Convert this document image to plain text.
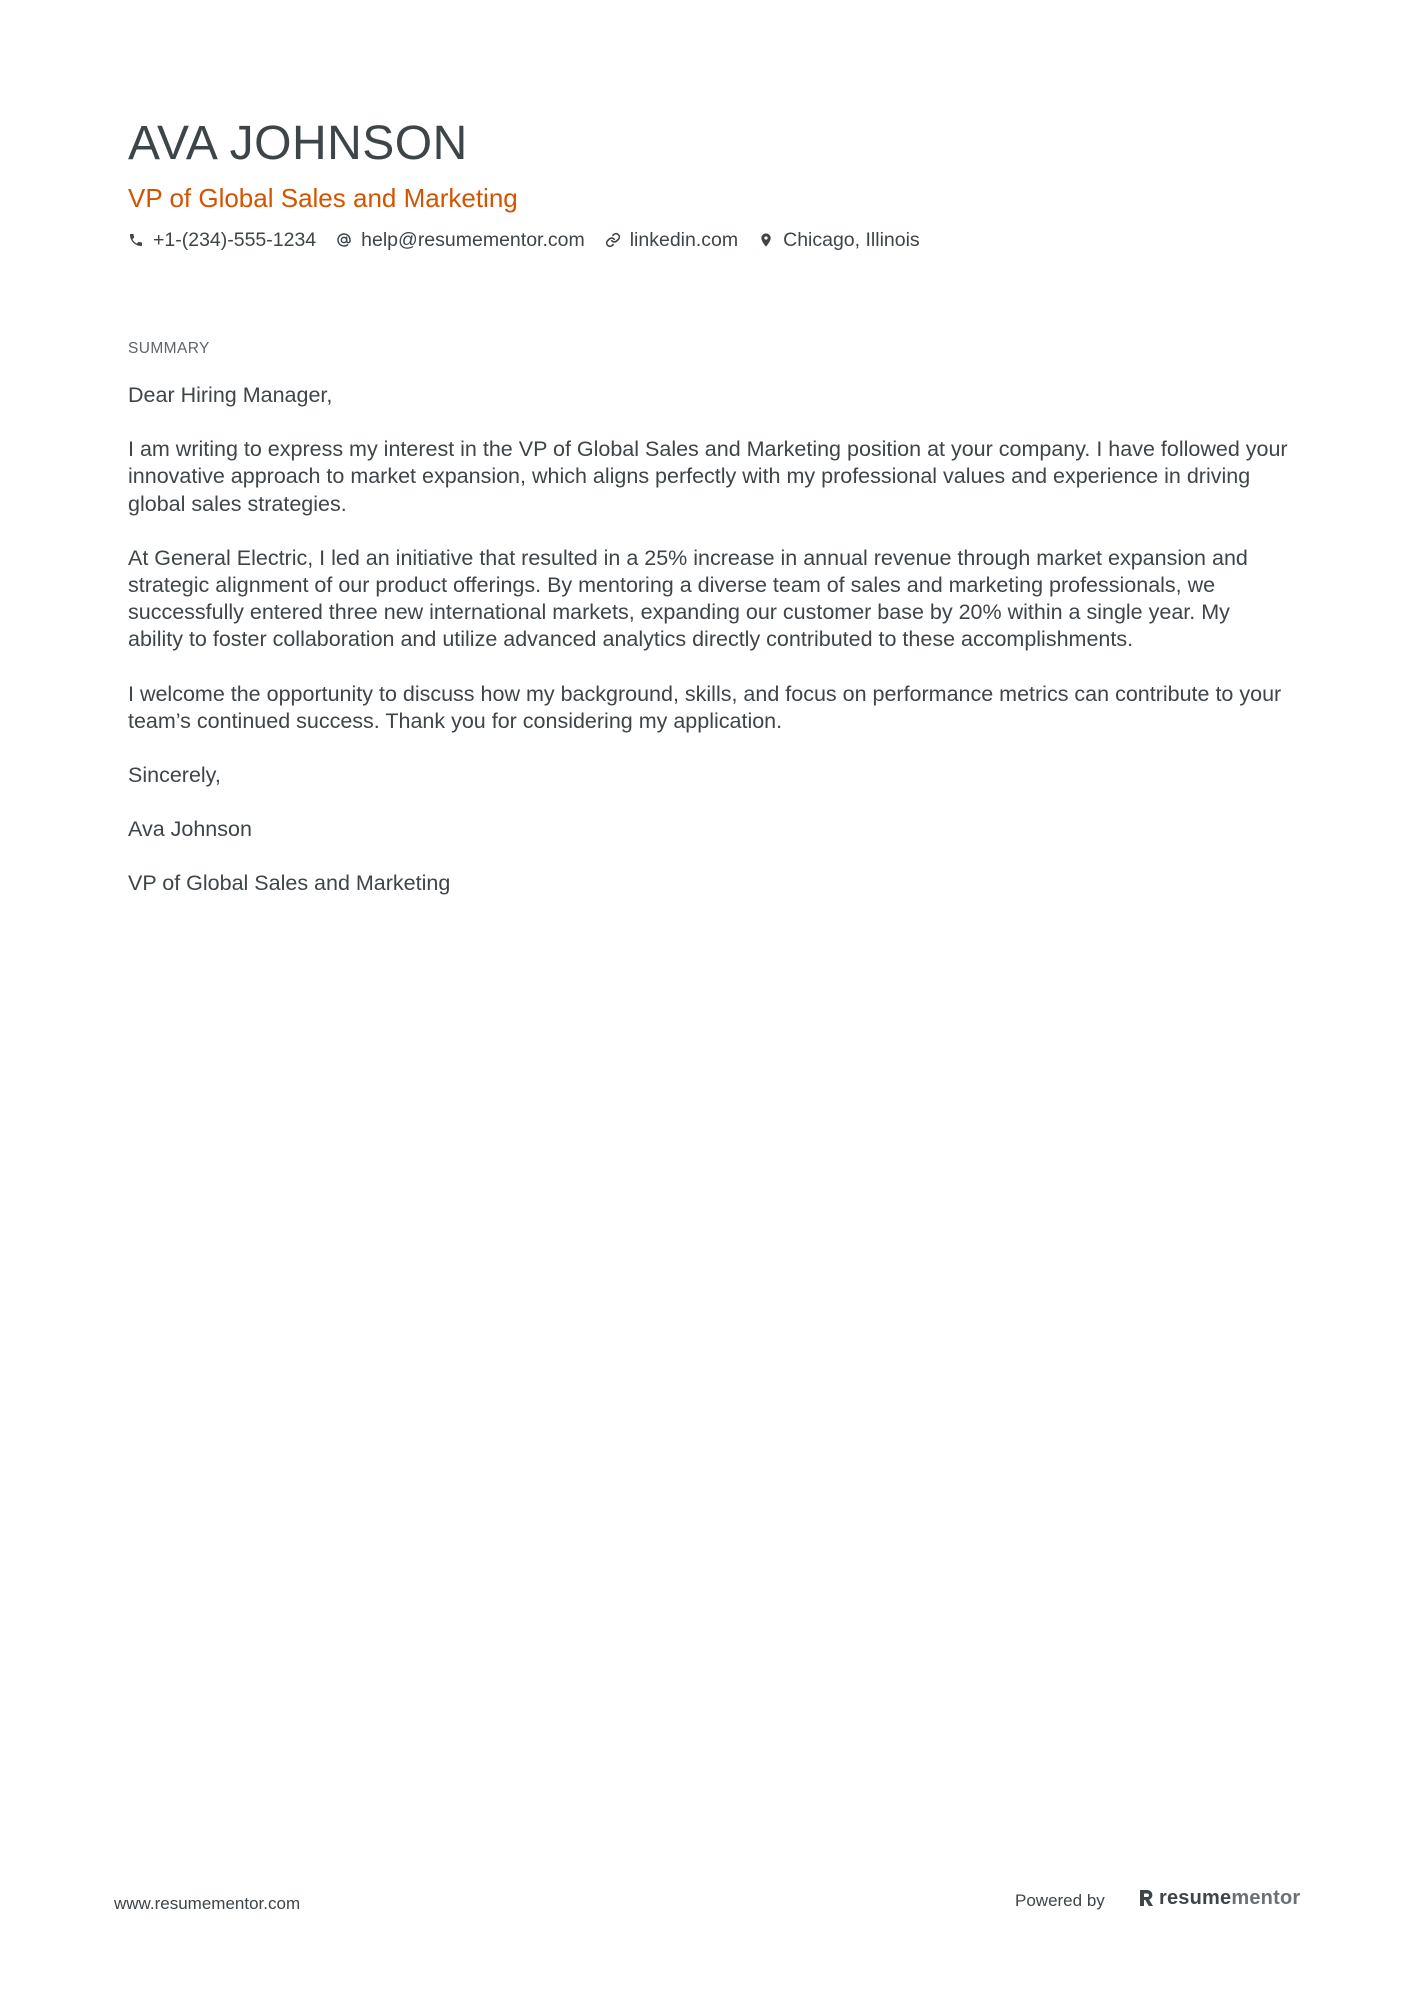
AVA JOHNSON
VP of Global Sales and Marketing
+1-(234)-555-1234 help@resumementor.com linkedin.com Chicago, Illinois
SUMMARY

Dear Hiring Manager,

I am writing to express my interest in the VP of Global Sales and Marketing position at your company. I have followed your innovative approach to market expansion, which aligns perfectly with my professional values and experience in driving global sales strategies.

At General Electric, I led an initiative that resulted in a 25% increase in annual revenue through market expansion and strategic alignment of our product offerings. By mentoring a diverse team of sales and marketing professionals, we successfully entered three new international markets, expanding our customer base by 20% within a single year. My ability to foster collaboration and utilize advanced analytics directly contributed to these accomplishments.

I welcome the opportunity to discuss how my background, skills, and focus on performance metrics can contribute to your team’s continued success. Thank you for considering my application.

Sincerely,

Ava Johnson

VP of Global Sales and Marketing

www.resumementor.com	Powered by	resume mentor
